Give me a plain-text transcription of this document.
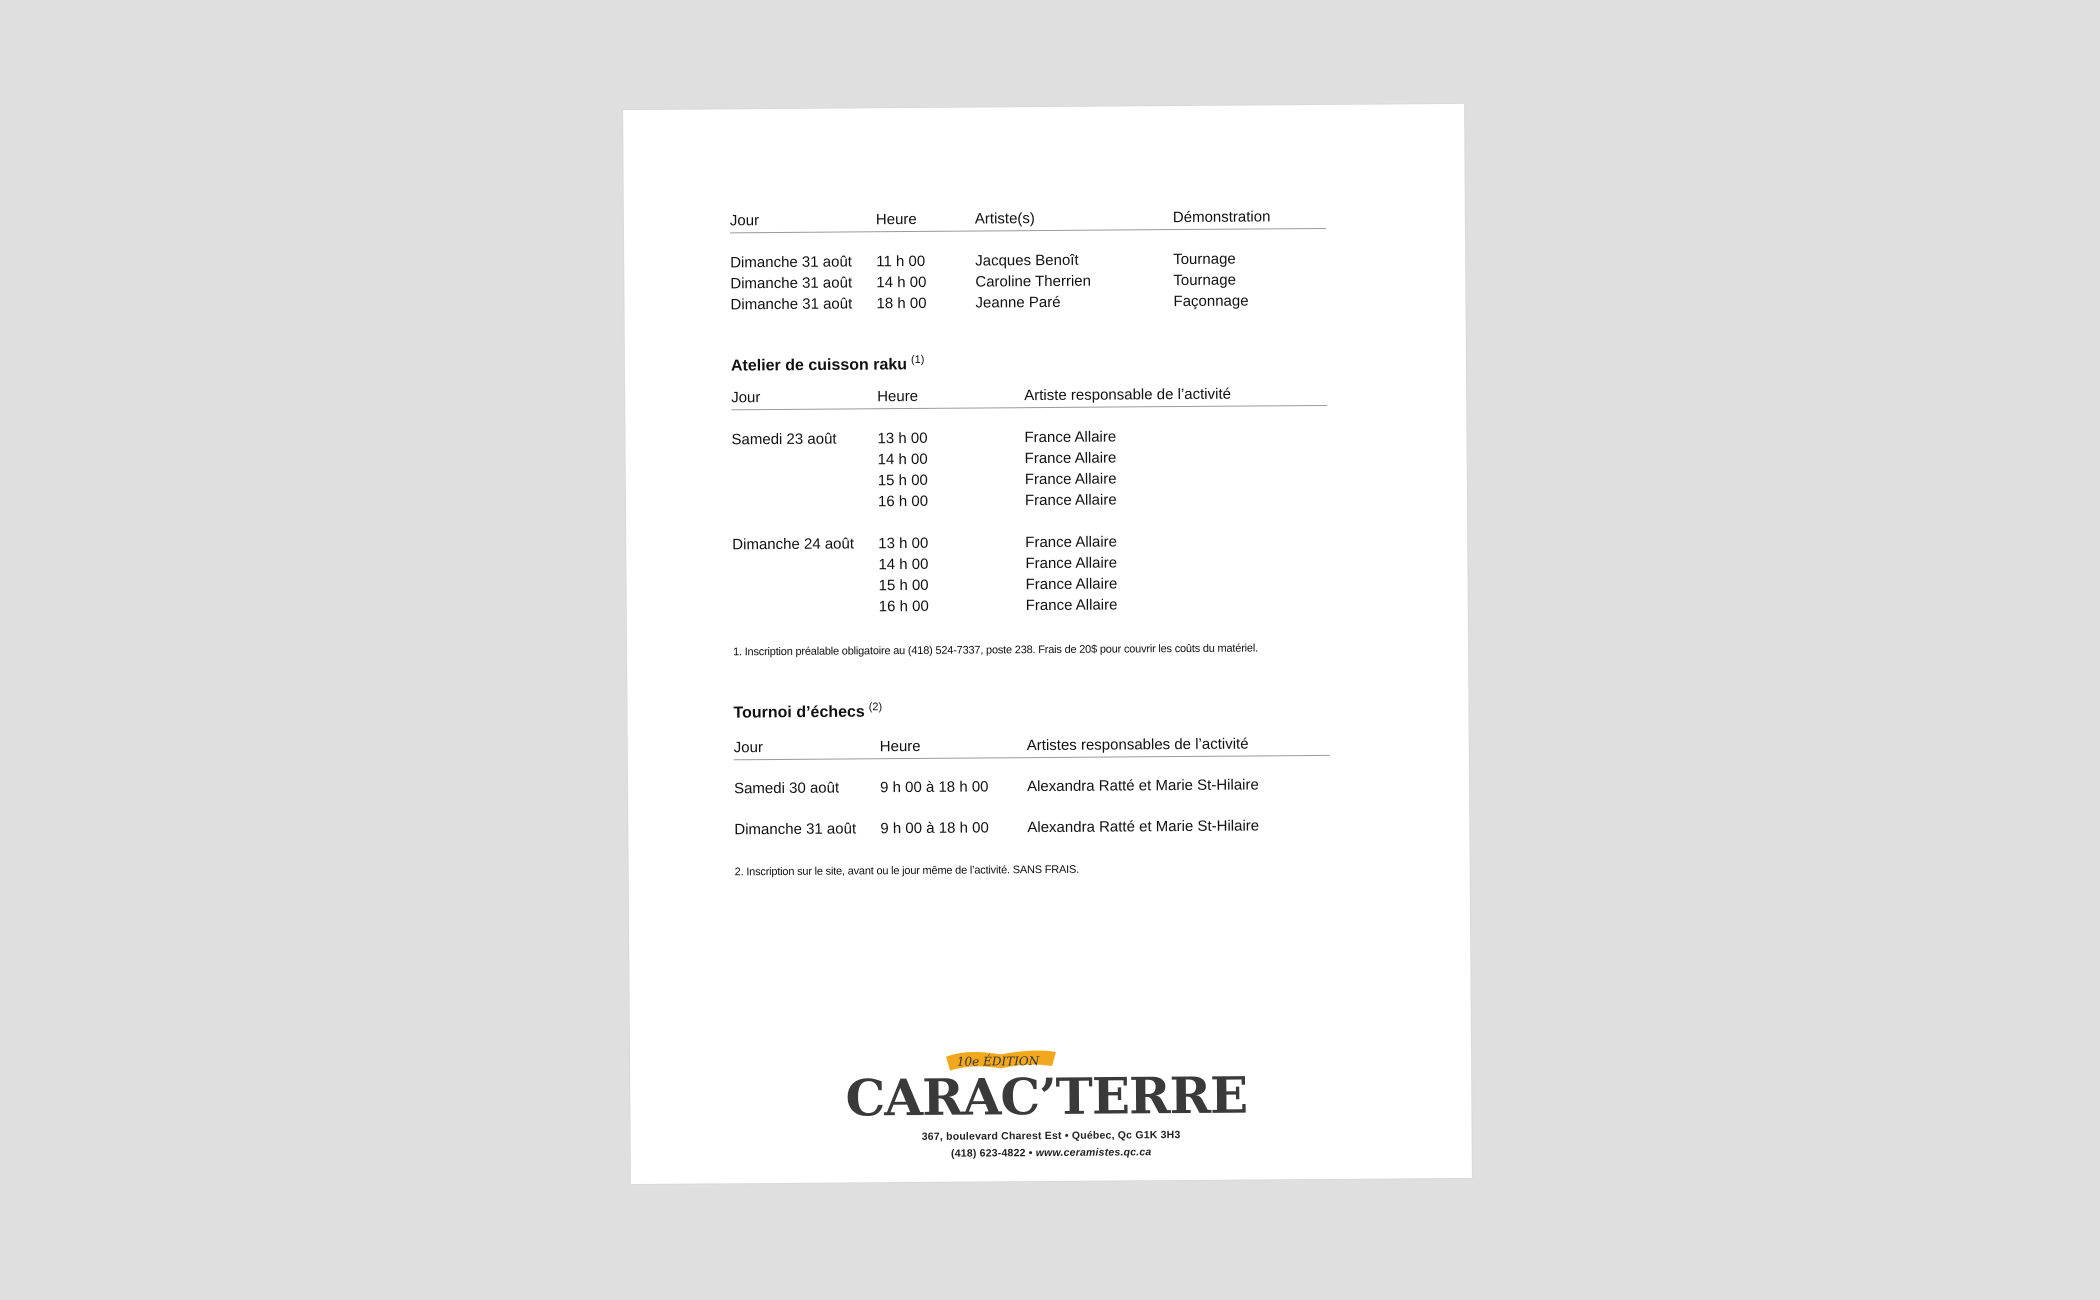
Jour	Heure	Artiste(s)	Démonstration
Dimanche 31 août 11 h 00	Jacques Benoît	Tournage
Dimanche 31 août 14 h 00	Caroline Therrien	Tournage
Dimanche 31 août 18 h 00	Jeanne Paré	Façonnage
Atelier de cuisson raku $^{(1)}$
Jour	Heure	Artiste responsable de l’activité
Samedi 23 août	13 h 00	France Allaire
14 h 00	France Allaire
15 h 00	France Allaire
16 h 00	France Allaire
Dimanche 24 août 13 h 00	France Allaire
14 h 00	France Allaire
15 h 00	France Allaire
16 h 00	France Allaire
1. Inscription préalable obligatoire au (418) 524-7337, poste 238. Frais de 20$ pour couvrir les coûts du matériel.
Tournoi d’échecs $^{(2)}$
Jour	Heure	Artistes responsables de l’activité
Samedi 30 août	9 h 00 à 18 h 00	Alexandra Ratté et Marie St-Hilaire
Dimanche 31 août 9 h 00 à 18 h 00	Alexandra Ratté et Marie St-Hilaire
2. Inscription sur le site, avant ou le jour même de l’activité. SANS FRAIS.
10e ÉDITION
CARAC’TERRE
367, boulevard Charest Est • Québec, Qc G1K 3H3
(418) 623-4822 • www.ceramistes.qc.ca
